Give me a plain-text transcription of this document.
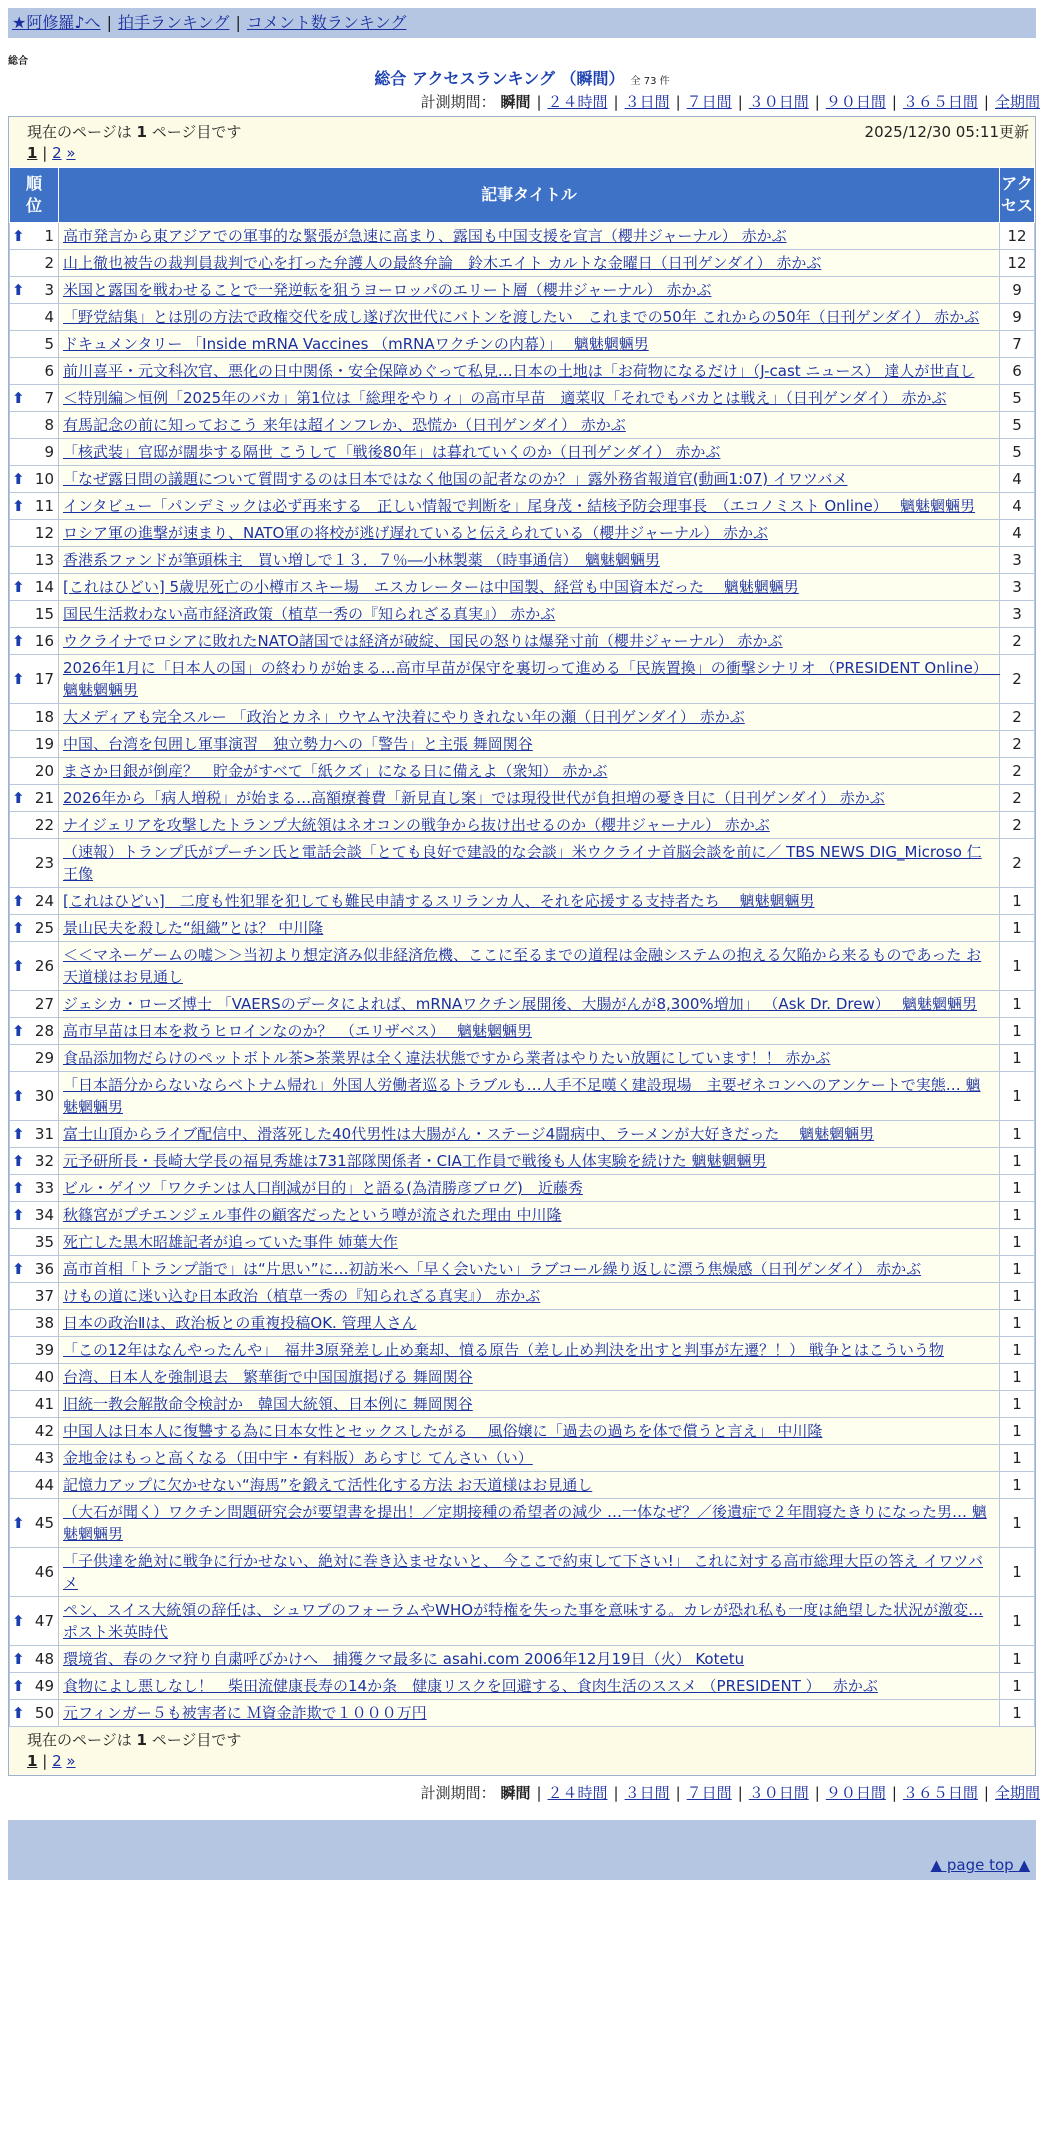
★阿修羅♪へ | 拍手ランキング | コメント数ランキング
総合
総合 アクセスランキング （瞬間） 全 73 件
計測期間： 瞬間 | ２４時間 | ３日間 | ７日間 | ３０日間 | ９０日間 | ３６５日間 | 全期間
現在のページは 1 ページ目です	2025/12/30 05:11更新
1 | 2 »
順位	記事タイトル	アクセス

⬆ 1	高市発言から東アジアでの軍事的な緊張が急速に高まり、露国も中国支援を宣言（櫻井ジャーナル） 赤かぶ	12
2	山上徹也被告の裁判員裁判で心を打った弁護人の最終弁論　鈴木エイト カルトな金曜日（日刊ゲンダイ） 赤かぶ	12

⬆ 3	米国と露国を戦わせることで一発逆転を狙うヨーロッパのエリート層（櫻井ジャーナル） 赤かぶ	9
4	「野党結集」とは別の方法で政権交代を成し遂げ次世代にバトンを渡したい　これまでの50年 これからの50年（日刊ゲンダイ） 赤かぶ	9
5	ドキュメンタリー 「Inside mRNA Vaccines （mRNAワクチンの内幕）」　 魑魅魍魎男	7
6	前川喜平・元文科次官、悪化の日中関係・安全保障めぐって私見…日本の土地は「お荷物になるだけ」（J-cast ニュース） 達人が世直し	6

⬆ 7	＜特別編＞恒例「2025年のバカ」第1位は「総理をやりィ」の高市早苗　適菜収「それでもバカとは戦え」（日刊ゲンダイ） 赤かぶ	5
8	有馬記念の前に知っておこう 来年は超インフレか、恐慌か（日刊ゲンダイ） 赤かぶ	5
9	「核武装」官邸が闊歩する隔世 こうして「戦後80年」は暮れていくのか（日刊ゲンダイ） 赤かぶ	5

⬆ 10	「なぜ露日問の議題について質問するのは日本ではなく他国の記者なのか？」露外務省報道官(動画1:07) イワツバメ	4

⬆ 11	インタビュー「パンデミックは必ず再来する　正しい情報で判断を」尾身茂・結核予防会理事長　（エコノミスト Online）　 魑魅魍魎男	4
12	ロシア軍の進撃が速まり、NATO軍の将校が逃げ遅れていると伝えられている（櫻井ジャーナル） 赤かぶ	4
13	香港系ファンドが筆頭株主　買い増しで１３．７％―小林製薬 （時事通信）　魑魅魍魎男	3

⬆ 14	[これはひどい] 5歳児死亡の小樽市スキー場　エスカレーターは中国製、経営も中国資本だった　 魑魅魍魎男	3
15	国民生活救わない高市経済政策（植草一秀の『知られざる真実』） 赤かぶ	3

⬆ 16	ウクライナでロシアに敗れたNATO諸国では経済が破綻、国民の怒りは爆発寸前（櫻井ジャーナル） 赤かぶ	2

⬆ 17	2026年1月に「日本人の国」の終わりが始まる…高市早苗が保守を裏切って進める「民族置換」の衝撃シナリオ （PRESIDENT Online）　 魑魅魍魎男	2
18	大メディアも完全スルー 「政治とカネ」ウヤムヤ決着にやりきれない年の瀬（日刊ゲンダイ） 赤かぶ	2
19	中国、台湾を包囲し軍事演習　独立勢力への「警告」と主張 舞岡関谷	2
20	まさか日銀が倒産？　貯金がすべて「紙クズ」になる日に備えよ（衆知） 赤かぶ	2

⬆ 21	2026年から「病人増税」が始まる…高額療養費「新見直し案」では現役世代が負担増の憂き目に（日刊ゲンダイ） 赤かぶ	2
22	ナイジェリアを攻撃したトランプ大統領はネオコンの戦争から抜け出せるのか（櫻井ジャーナル） 赤かぶ	2
23	（速報）トランプ氏がプーチン氏と電話会談「とても良好で建設的な会談」米ウクライナ首脳会談を前に／ TBS NEWS DIG_Microso 仁王像	2

⬆ 24	[これはひどい]　二度も性犯罪を犯しても難民申請するスリランカ人、それを応援する支持者たち　 魑魅魍魎男	1

⬆ 25	景山民夫を殺した“組織”とは？ 中川隆	1

⬆ 26	＜＜マネーゲームの嘘＞＞当初より想定済み似非経済危機、ここに至るまでの道程は金融システムの抱える欠陥から来るものであった お天道様はお見通し	1
27	ジェシカ・ローズ博士 「VAERSのデータによれば、mRNAワクチン展開後、大腸がんが8,300%増加」 （Ask Dr. Drew）　 魑魅魍魎男	1

⬆ 28	高市早苗は日本を救うヒロインなのか？　（エリザベス）　 魑魅魍魎男	1
29	食品添加物だらけのペットボトル茶>茶業界は全く違法状態ですから業者はやりたい放題にしています！！ 赤かぶ	1

⬆ 30	「日本語分からないならベトナム帰れ」外国人労働者巡るトラブルも…人手不足嘆く建設現場　主要ゼネコンへのアンケートで実態… 魑魅魍魎男	1

⬆ 31	富士山頂からライブ配信中、滑落死した40代男性は大腸がん・ステージ4闘病中、ラーメンが大好きだった　 魑魅魍魎男	1

⬆ 32	元予研所長・長崎大学長の福見秀雄は731部隊関係者・CIA工作員で戦後も人体実験を続けた 魑魅魍魎男	1

⬆ 33	ビル・ゲイツ「ワクチンは人口削減が目的」と語る(為清勝彦ブログ)　近藤秀	1

⬆ 34	秋篠宮がプチエンジェル事件の顧客だったという噂が流された理由 中川隆	1
35	死亡した黒木昭雄記者が追っていた事件 姉葉大作	1

⬆ 36	高市首相「トランプ詣で」は“片思い”に…初訪米へ「早く会いたい」ラブコール繰り返しに漂う焦燥感（日刊ゲンダイ） 赤かぶ	1
37	けもの道に迷い込む日本政治（植草一秀の『知られざる真実』） 赤かぶ	1
38	日本の政治Ⅱは、政治板との重複投稿OK. 管理人さん	1
39	「この12年はなんやったんや」　福井3原発差し止め棄却、憤る原告（差し止め判決を出すと判事が左遷？！） 戦争とはこういう物	1
40	台湾、日本人を強制退去　繁華街で中国国旗掲げる 舞岡関谷	1
41	旧統一教会解散命令検討か　韓国大統領、日本例に 舞岡関谷	1
42	中国人は日本人に復讐する為に日本女性とセックスしたがる ＿風俗嬢に「過去の過ちを体で償うと言え」 中川隆	1
43	金地金はもっと高くなる（田中宇・有料版）あらすじ てんさい（い）	1
44	記憶力アップに欠かせない“海馬”を鍛えて活性化する方法 お天道様はお見通し	1

⬆ 45	（大石が聞く）ワクチン問題研究会が要望書を提出！／定期接種の希望者の減少 …一体なぜ？／後遺症で２年間寝たきりになった男… 魑魅魍魎男	1
46	「子供達を絶対に戦争に行かせない、絶対に巻き込ませないと、 今ここで約束して下さい!」 これに対する高市総理大臣の答え イワツバメ	1

⬆ 47	ペン、スイス大統領の辞任は、シュワブのフォーラムやWHOが特権を失った事を意味する。カレが恐れ私も一度は絶望した状況が激変… ポスト米英時代	1

⬆ 48	環境省、春のクマ狩り自粛呼びかけへ　捕獲クマ最多に asahi.com 2006年12月19日（火） Kotetu	1

⬆ 49	食物によし悪しなし！　柴田流健康長寿の14か条　健康リスクを回避する、食肉生活のススメ （PRESIDENT ）　 赤かぶ	1

⬆ 50	元フィンガー５も被害者に Ｍ資金詐欺で１０００万円	1
現在のページは 1 ページ目です
1 | 2 »
計測期間： 瞬間 | ２４時間 | ３日間 | ７日間 | ３０日間 | ９０日間 | ３６５日間 | 全期間
▲ page top ▲
